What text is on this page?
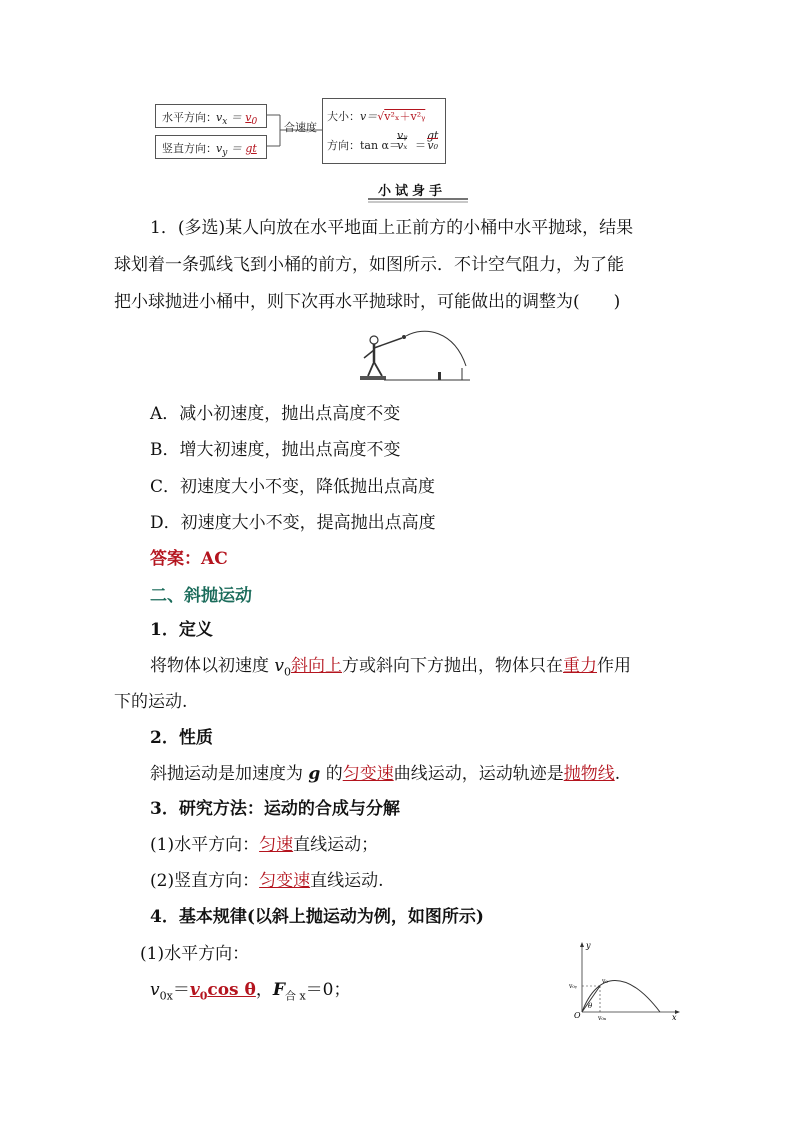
水平方向： $v_x = v_0$
竖直方向： $v_y$ ＝ gt
合速度
大小：v＝√v²ₓ＋v²ᵧ
方向：tan α＝
vᵧ
vₓ ＝
gt
v₀
小试身手
1．(多选)某人向放在水平地面上正前方的小桶中水平抛球，结果
球划着一条弧线飞到小桶的前方，如图所示．不计空气阻力，为了能
把小球抛进小桶中，则下次再水平抛球时，可能做出的调整为(　　)
A．减小初速度，抛出点高度不变
B．增大初速度，抛出点高度不变
C．初速度大小不变，降低抛出点高度
D．初速度大小不变，提高抛出点高度
答案：AC
二、斜抛运动
1．定义
将物体以初速度 $v_0$斜向上方或斜向下方抛出，物体只在重力作用
下的运动.
2．性质
斜抛运动是加速度为 g 的匀变速曲线运动，运动轨迹是抛物线.
3．研究方法：运动的合成与分解
(1)水平方向：匀速直线运动；
(2)竖直方向：匀变速直线运动.
4．基本规律(以斜上抛运动为例，如图所示)
(1)水平方向：
$v_{0x}=v_0\cos$ θ，$F_{合 x}=0$；
y
x
O
v₀
v₀ᵧ
v₀ₓ
θ
